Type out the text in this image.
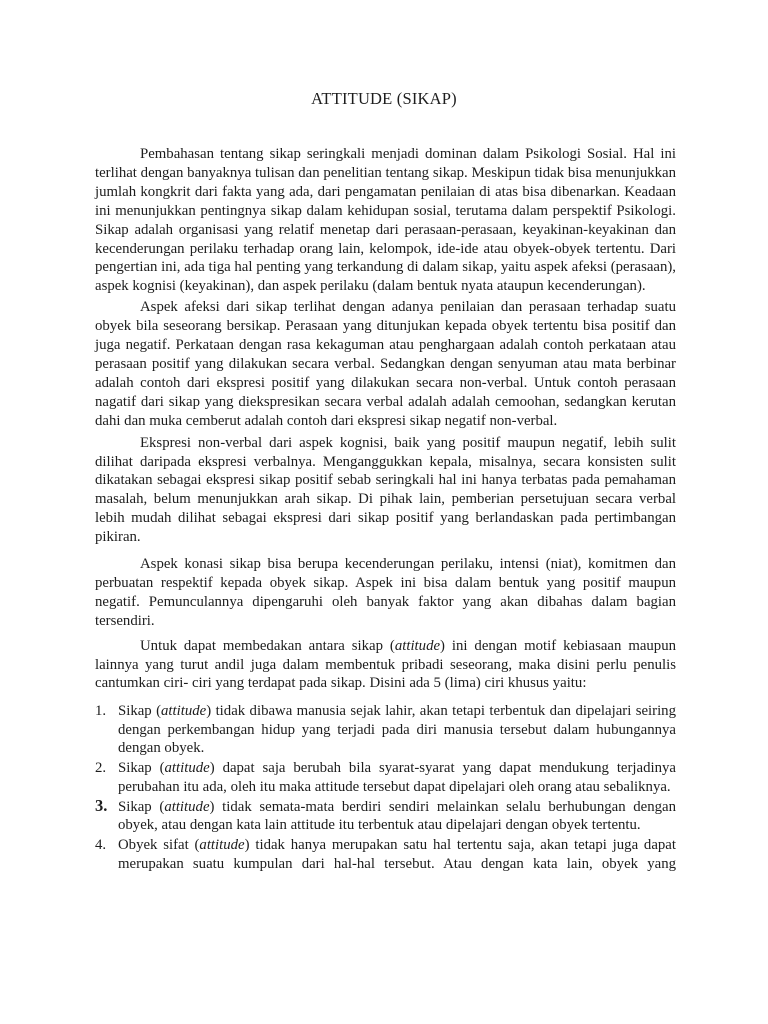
ATTITUDE (SIKAP)

Pembahasan tentang sikap seringkali menjadi dominan dalam Psikologi Sosial. Hal ini terlihat dengan banyaknya tulisan dan penelitian tentang sikap. Meskipun tidak bisa menunjukkan jumlah kongkrit dari fakta yang ada, dari pengamatan penilaian di atas bisa dibenarkan. Keadaan ini menunjukkan pentingnya sikap dalam kehidupan sosial, terutama dalam perspektif Psikologi. Sikap adalah organisasi yang relatif menetap dari perasaan-perasaan, keyakinan-keyakinan dan kecenderungan perilaku terhadap orang lain, kelompok, ide-ide atau obyek-obyek tertentu. Dari pengertian ini, ada tiga hal penting yang terkandung di dalam sikap, yaitu aspek afeksi (perasaan), aspek kognisi (keyakinan), dan aspek perilaku (dalam bentuk nyata ataupun kecenderungan).

Aspek afeksi dari sikap terlihat dengan adanya penilaian dan perasaan terhadap suatu obyek bila seseorang bersikap. Perasaan yang ditunjukan kepada obyek tertentu bisa positif dan juga negatif. Perkataan dengan rasa kekaguman atau penghargaan adalah contoh perkataan atau perasaan positif yang dilakukan secara verbal. Sedangkan dengan senyuman atau mata berbinar adalah contoh dari ekspresi positif yang dilakukan secara non-verbal. Untuk contoh perasaan nagatif dari sikap yang diekspresikan secara verbal adalah adalah cemoohan, sedangkan kerutan dahi dan muka cemberut adalah contoh dari ekspresi sikap negatif non-verbal.

Ekspresi non-verbal dari aspek kognisi, baik yang positif maupun negatif, lebih sulit dilihat daripada ekspresi verbalnya. Menganggukkan kepala, misalnya, secara konsisten sulit dikatakan sebagai ekspresi sikap positif sebab seringkali hal ini hanya terbatas pada pemahaman masalah, belum menunjukkan arah sikap. Di pihak lain, pemberian persetujuan secara verbal lebih mudah dilihat sebagai ekspresi dari sikap positif yang berlandaskan pada pertimbangan pikiran.

Aspek konasi sikap bisa berupa kecenderungan perilaku, intensi (niat), komitmen dan perbuatan respektif kepada obyek sikap. Aspek ini bisa dalam bentuk yang positif maupun negatif. Pemunculannya dipengaruhi oleh banyak faktor yang akan dibahas dalam bagian tersendiri.

Untuk dapat membedakan antara sikap (attitude) ini dengan motif kebiasaan maupun lainnya yang turut andil juga dalam membentuk pribadi seseorang, maka disini perlu penulis cantumkan ciri- ciri yang terdapat pada sikap. Disini ada 5 (lima) ciri khusus yaitu:

1. Sikap (attitude) tidak dibawa manusia sejak lahir, akan tetapi terbentuk dan dipelajari seiring dengan perkembangan hidup yang terjadi pada diri manusia tersebut dalam hubungannya dengan obyek.
2. Sikap (attitude) dapat saja berubah bila syarat-syarat yang dapat mendukung terjadinya perubahan itu ada, oleh itu maka attitude tersebut dapat dipelajari oleh orang atau sebaliknya.
3. Sikap (attitude) tidak semata-mata berdiri sendiri melainkan selalu berhubungan dengan obyek, atau dengan kata lain attitude itu terbentuk atau dipelajari dengan obyek tertentu.
4. Obyek sifat (attitude) tidak hanya merupakan satu hal tertentu saja, akan tetapi juga dapat merupakan suatu kumpulan dari hal-hal tersebut. Atau dengan kata lain, obyek yang
